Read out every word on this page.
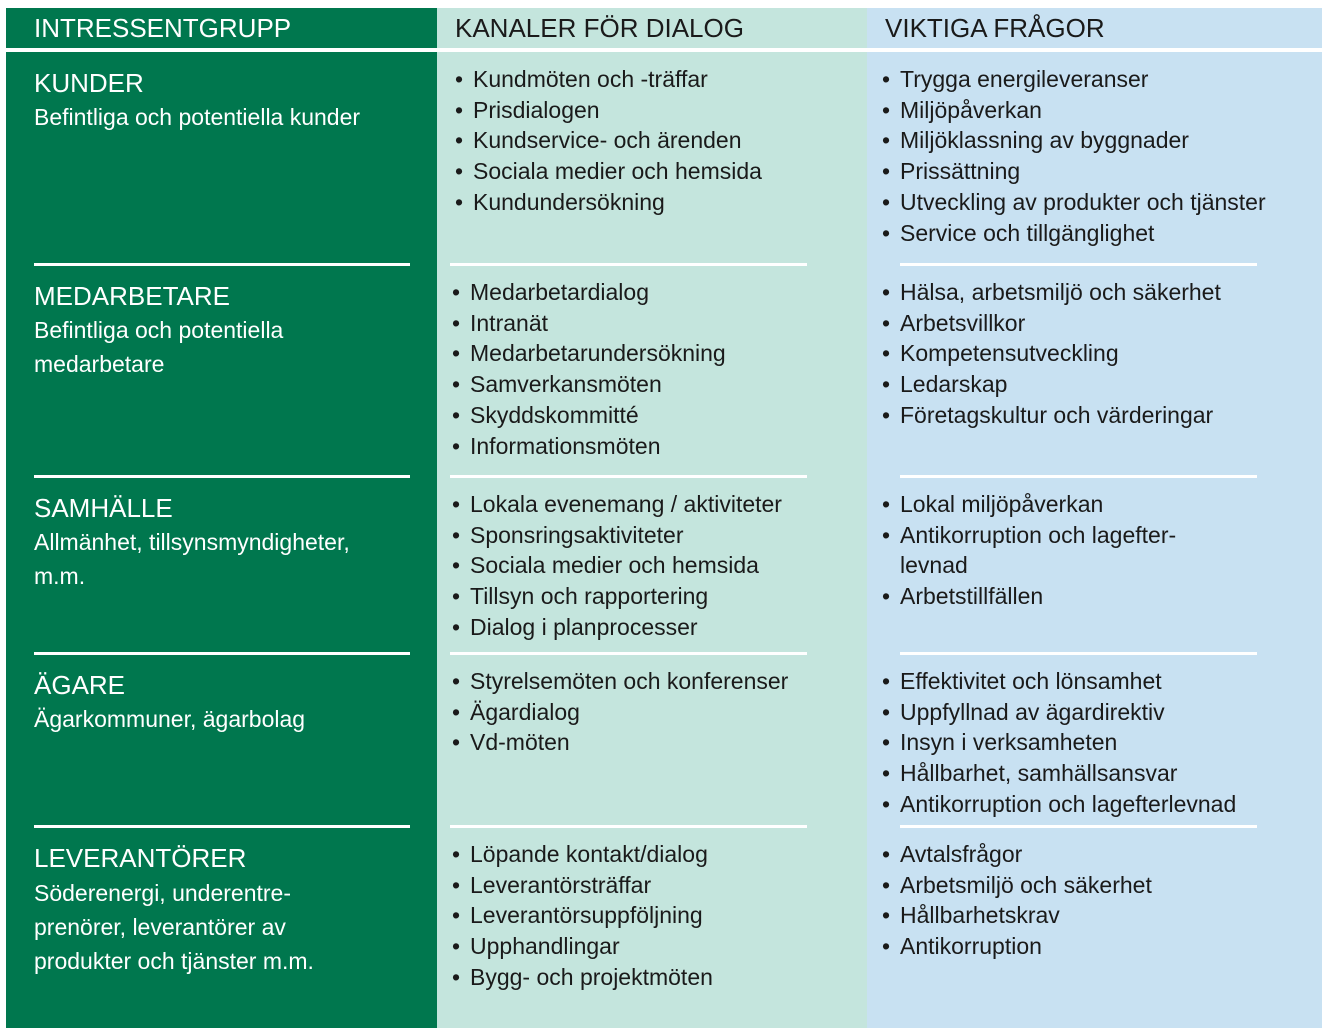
INTRESSENTGRUPP
KUNDER
Befintliga och potentiella kunder
MEDARBETARE
Befintliga och potentiella
medarbetare
SAMHÄLLE
Allmänhet, tillsynsmyndigheter,
m.m.
ÄGARE
Ägarkommuner, ägarbolag
LEVERANTÖRER
Söderenergi, underentre-
prenörer, leverantörer av
produkter och tjänster m.m.
KANALER FÖR DIALOG
• Kundmöten och -träffar
• Prisdialogen
• Kundservice- och ärenden
• Sociala medier och hemsida
• Kundundersökning
• Medarbetardialog
• Intranät
• Medarbetarundersökning
• Samverkansmöten
• Skyddskommitté
• Informationsmöten
• Lokala evenemang / aktiviteter
• Sponsringsaktiviteter
• Sociala medier och hemsida
• Tillsyn och rapportering
• Dialog i planprocesser
• Styrelsemöten och konferenser
• Ägardialog
• Vd-möten
• Löpande kontakt/dialog
• Leverantörsträffar
• Leverantörsuppföljning
• Upphandlingar
• Bygg- och projektmöten
VIKTIGA FRÅGOR
• Trygga energileveranser
• Miljöpåverkan
• Miljöklassning av byggnader
• Prissättning
• Utveckling av produkter och tjänster
• Service och tillgänglighet
• Hälsa, arbetsmiljö och säkerhet
• Arbetsvillkor
• Kompetensutveckling
• Ledarskap
• Företagskultur och värderingar
• Lokal miljöpåverkan
• Antikorruption och lagefter-
levnad
• Arbetstillfällen
• Effektivitet och lönsamhet
• Uppfyllnad av ägardirektiv
• Insyn i verksamheten
• Hållbarhet, samhällsansvar
• Antikorruption och lagefterlevnad
• Avtalsfrågor
• Arbetsmiljö och säkerhet
• Hållbarhetskrav
• Antikorruption
